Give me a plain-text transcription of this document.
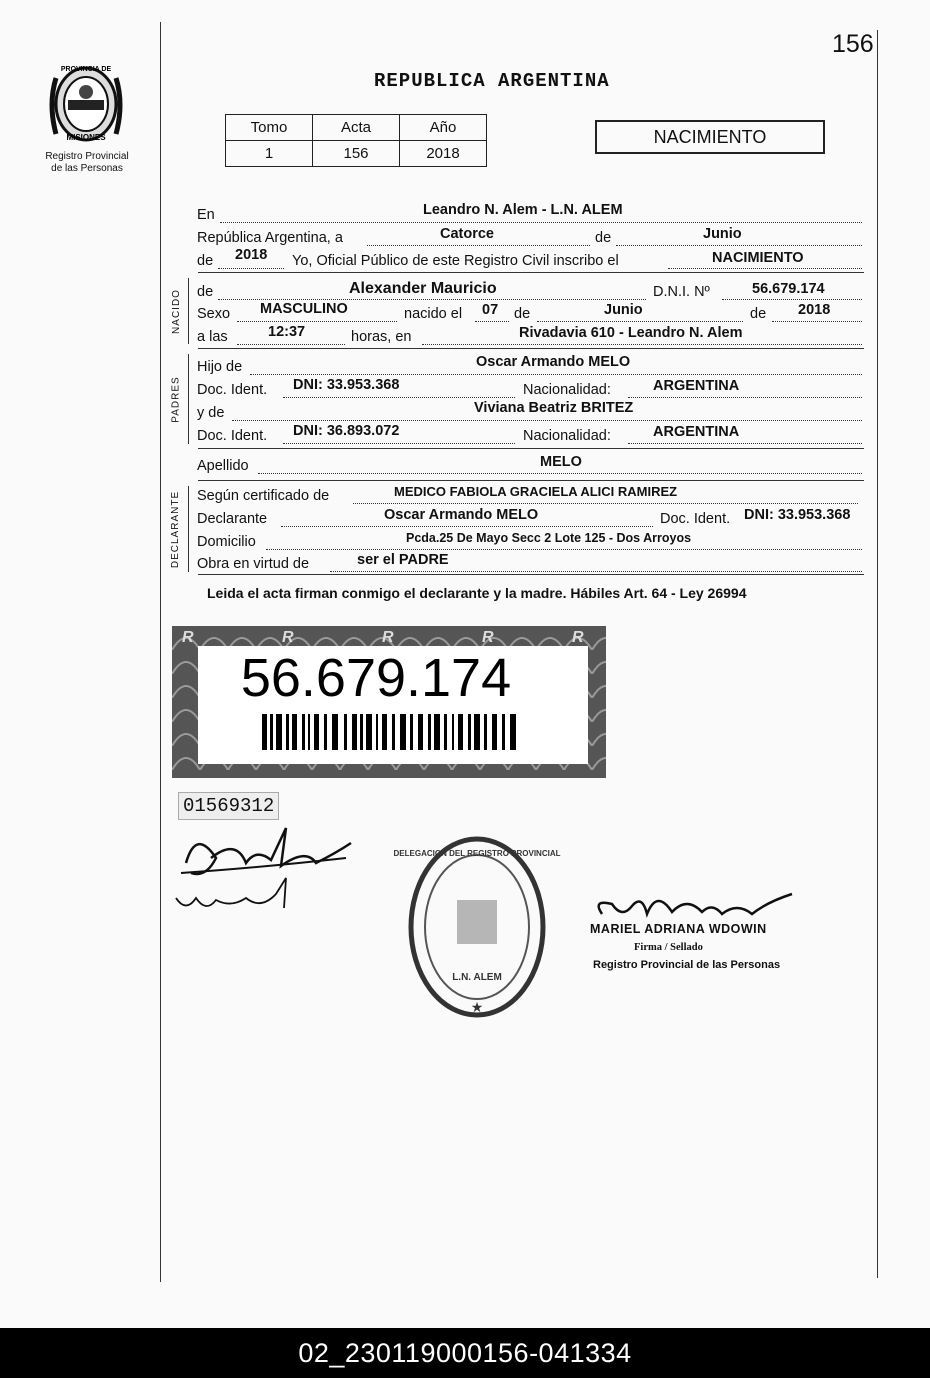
156
PROVINCIA DE
MISIONES
Registro Provincial
de las Personas
REPUBLICA ARGENTINA
Tomo	Acta	Año
1	156	2018
NACIMIENTO
En	Leandro N. Alem - L.N. ALEM
República Argentina, a	Catorce	de	Junio
de 2018 Yo, Oficial Público de este Registro Civil inscribo el	NACIMIENTO
NACIDO de	Alexander Mauricio	D.N.I. Nº	56.679.174
Sexo MASCULINO	nacido el 07 de	Junio	de 2018
a las	12:37	horas, en	Rivadavia 610 - Leandro N. Alem
PADRES
Hijo de	Oscar Armando MELO
Doc. Ident. DNI: 33.953.368	Nacionalidad:	ARGENTINA
y de	Viviana Beatriz BRITEZ
Doc. Ident. DNI: 36.893.072	Nacionalidad:	ARGENTINA
Apellido	MELO
DECLARANTE Según certificado de	MEDICO FABIOLA GRACIELA ALICI RAMIREZ
Declarante	Oscar Armando MELO	Doc. Ident. DNI: 33.953.368
Domicilio	Pcda.25 De Mayo Secc 2 Lote 125 - Dos Arroyos
Obra en virtud de	ser el PADRE
Leida el acta firman conmigo el declarante y la madre. Hábiles Art. 64 - Ley 26994
R	R	R	R	R
56.679.174
01569312
DELEGACION DEL REGISTRO PROVINCIAL
L.N. ALEM
★
MARIEL ADRIANA WDOWIN
Firma / Sellado
Registro Provincial de las Personas
02_230119000156-041334
